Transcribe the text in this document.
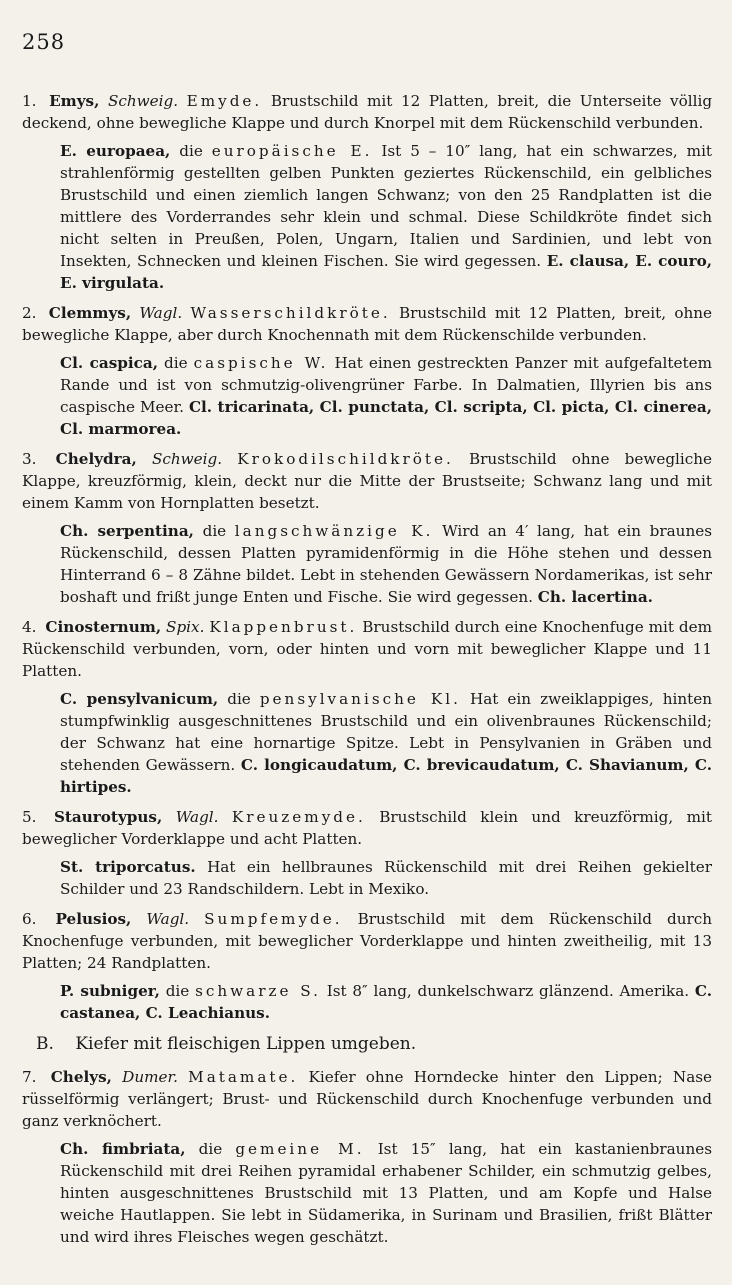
258

1. Emys, Schweig. Emyde. Brustschild mit 12 Platten, breit, die Unterseite völlig deckend, ohne bewegliche Klappe und durch Knorpel mit dem Rückenschild verbunden.

E. europaea, die europäische E. Ist 5 – 10″ lang, hat ein schwarzes, mit strahlenförmig gestellten gelben Punkten geziertes Rückenschild, ein gelbliches Brustschild und einen ziemlich langen Schwanz; von den 25 Randplatten ist die mittlere des Vorderrandes sehr klein und schmal. Diese Schildkröte findet sich nicht selten in Preußen, Polen, Ungarn, Italien und Sardinien, und lebt von Insekten, Schnecken und kleinen Fischen. Sie wird gegessen. E. clausa, E. couro, E. virgulata.

2. Clemmys, Wagl. Wasserschildkröte. Brustschild mit 12 Platten, breit, ohne bewegliche Klappe, aber durch Knochennath mit dem Rückenschilde verbunden.

Cl. caspica, die caspische W. Hat einen gestreckten Panzer mit aufgefaltetem Rande und ist von schmutzig-olivengrüner Farbe. In Dalmatien, Illyrien bis ans caspische Meer. Cl. tricarinata, Cl. punctata, Cl. scripta, Cl. picta, Cl. cinerea, Cl. marmorea.

3. Chelydra, Schweig. Krokodilschildkröte. Brustschild ohne bewegliche Klappe, kreuzförmig, klein, deckt nur die Mitte der Brustseite; Schwanz lang und mit einem Kamm von Hornplatten besetzt.

Ch. serpentina, die langschwänzige K. Wird an 4′ lang, hat ein braunes Rückenschild, dessen Platten pyramidenförmig in die Höhe stehen und dessen Hinterrand 6 – 8 Zähne bildet. Lebt in stehenden Gewässern Nordamerikas, ist sehr boshaft und frißt junge Enten und Fische. Sie wird gegessen. Ch. lacertina.

4. Cinosternum, Spix. Klappenbrust. Brustschild durch eine Knochenfuge mit dem Rückenschild verbunden, vorn, oder hinten und vorn mit beweglicher Klappe und 11 Platten.

C. pensylvanicum, die pensylvanische Kl. Hat ein zweiklappiges, hinten stumpfwinklig ausgeschnittenes Brustschild und ein olivenbraunes Rückenschild; der Schwanz hat eine hornartige Spitze. Lebt in Pensylvanien in Gräben und stehenden Gewässern. C. longicaudatum, C. brevicaudatum, C. Shavianum, C. hirtipes.

5. Staurotypus, Wagl. Kreuzemyde. Brustschild klein und kreuzförmig, mit beweglicher Vorderklappe und acht Platten.

St. triporcatus. Hat ein hellbraunes Rückenschild mit drei Reihen gekielter Schilder und 23 Randschildern. Lebt in Mexiko.

6. Pelusios, Wagl. Sumpfemyde. Brustschild mit dem Rückenschild durch Knochenfuge verbunden, mit beweglicher Vorderklappe und hinten zweitheilig, mit 13 Platten; 24 Randplatten.

P. subniger, die schwarze S. Ist 8″ lang, dunkelschwarz glänzend. Amerika. C. castanea, C. Leachianus.

B. Kiefer mit fleischigen Lippen umgeben.

7. Chelys, Dumer. Matamate. Kiefer ohne Horndecke hinter den Lippen; Nase rüsselförmig verlängert; Brust- und Rückenschild durch Knochenfuge verbunden und ganz verknöchert.

Ch. fimbriata, die gemeine M. Ist 15″ lang, hat ein kastanienbraunes Rückenschild mit drei Reihen pyramidal erhabener Schilder, ein schmutzig gelbes, hinten ausgeschnittenes Brustschild mit 13 Platten, und am Kopfe und Halse weiche Hautlappen. Sie lebt in Südamerika, in Surinam und Brasilien, frißt Blätter und wird ihres Fleisches wegen geschätzt.
